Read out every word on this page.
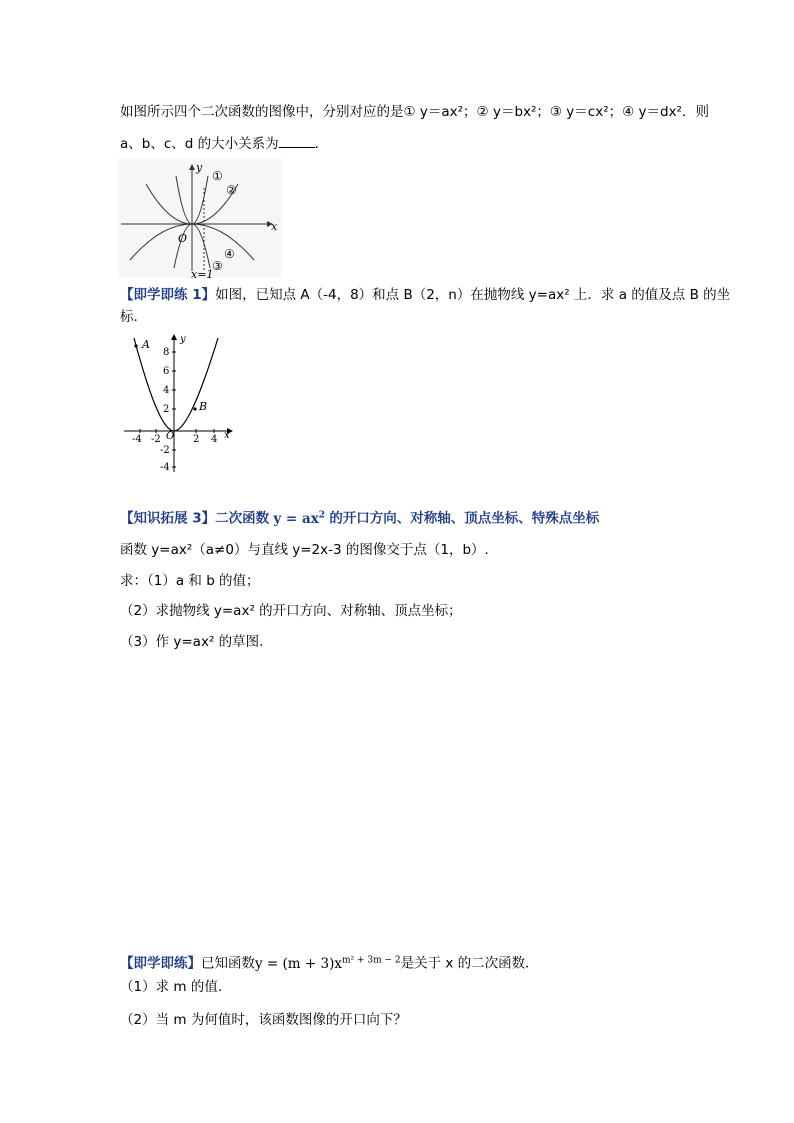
如图所示四个二次函数的图像中，分别对应的是① y＝ax²；② y＝bx²；③ y＝cx²；④ y＝dx²．则
a、b、c、d 的大小关系为	．
y
x
O
x=1
①
②
③
④
【即学即练 1】如图，已知点 A（-4，8）和点 B（2，n）在抛物线 y=ax² 上．求 a 的值及点 B 的坐
标.
y
x
A
B
O
8
6
4
2
-2
-4
-4 -2	2 4
【知识拓展 3】二次函数 $y = ax^2$ 的开口方向、对称轴、顶点坐标、特殊点坐标
函数 y=ax²（a≠0）与直线 y=2x-3 的图像交于点（1，b）.
求：（1）a 和 b 的值；
（2）求抛物线 y=ax² 的开口方向、对称轴、顶点坐标；
（3）作 y=ax² 的草图.
【即学即练】已知函数$y = (m + 3)x^{m^2 + 3m - 2}$是关于 x 的二次函数．
（1）求 m 的值.
（2）当 m 为何值时，该函数图像的开口向下？
